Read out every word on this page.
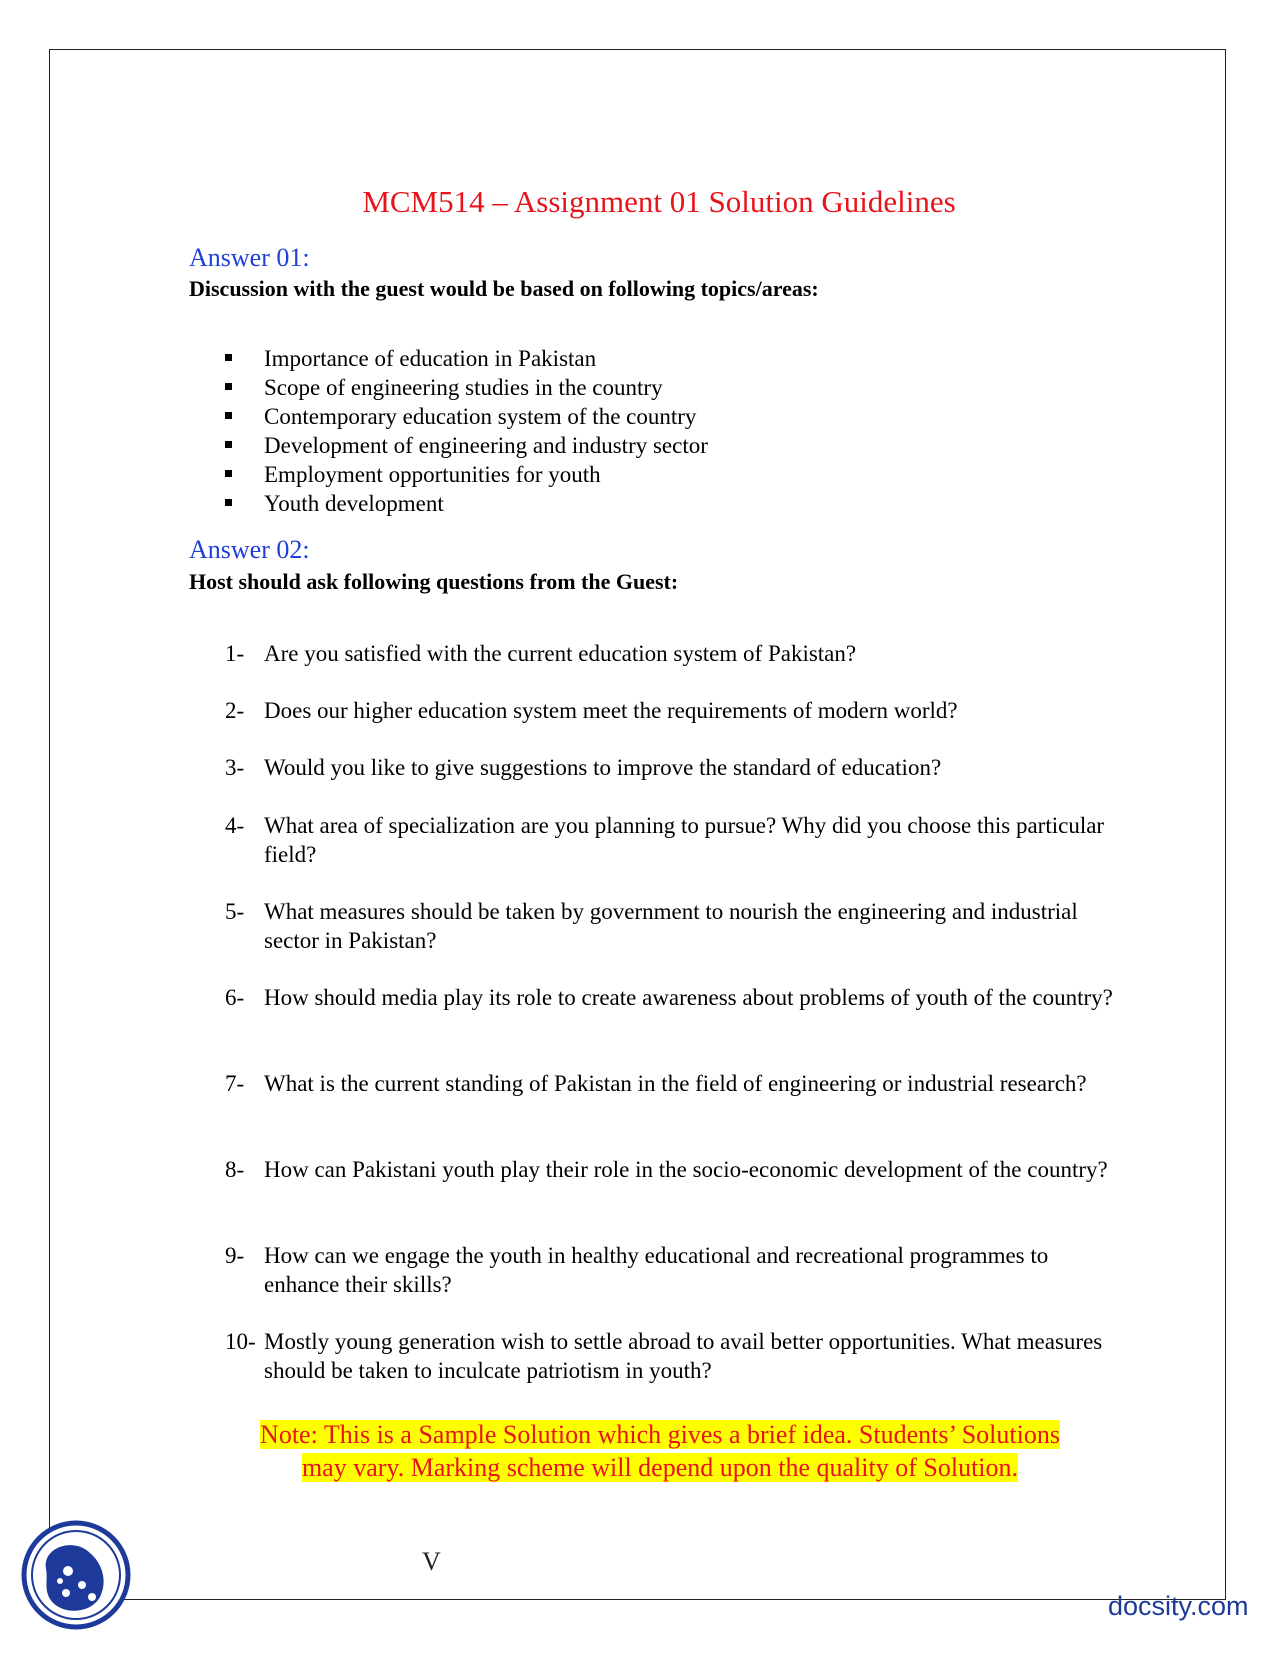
MCM514 – Assignment 01 Solution Guidelines
Answer 01:
Discussion with the guest would be based on following topics/areas:
Importance of education in Pakistan
Scope of engineering studies in the country
Contemporary education system of the country
Development of engineering and industry sector
Employment opportunities for youth
Youth development
Answer 02:
Host should ask following questions from the Guest:
1- Are you satisfied with the current education system of Pakistan?
2- Does our higher education system meet the requirements of modern world?
3- Would you like to give suggestions to improve the standard of education?
4- What area of specialization are you planning to pursue? Why did you choose this particular field?
5- What measures should be taken by government to nourish the engineering and industrial sector in Pakistan?
6- How should media play its role to create awareness about problems of youth of the country?
7- What is the current standing of Pakistan in the field of engineering or industrial research?
8- How can Pakistani youth play their role in the socio-economic development of the country?
9- How can we engage the youth in healthy educational and recreational programmes to enhance their skills?
10- Mostly young generation wish to settle abroad to avail better opportunities. What measures should be taken to inculcate patriotism in youth?
Note: This is a Sample Solution which gives a brief idea. Students’ Solutions
may vary. Marking scheme will depend upon the quality of Solution.
V
docsity.com
